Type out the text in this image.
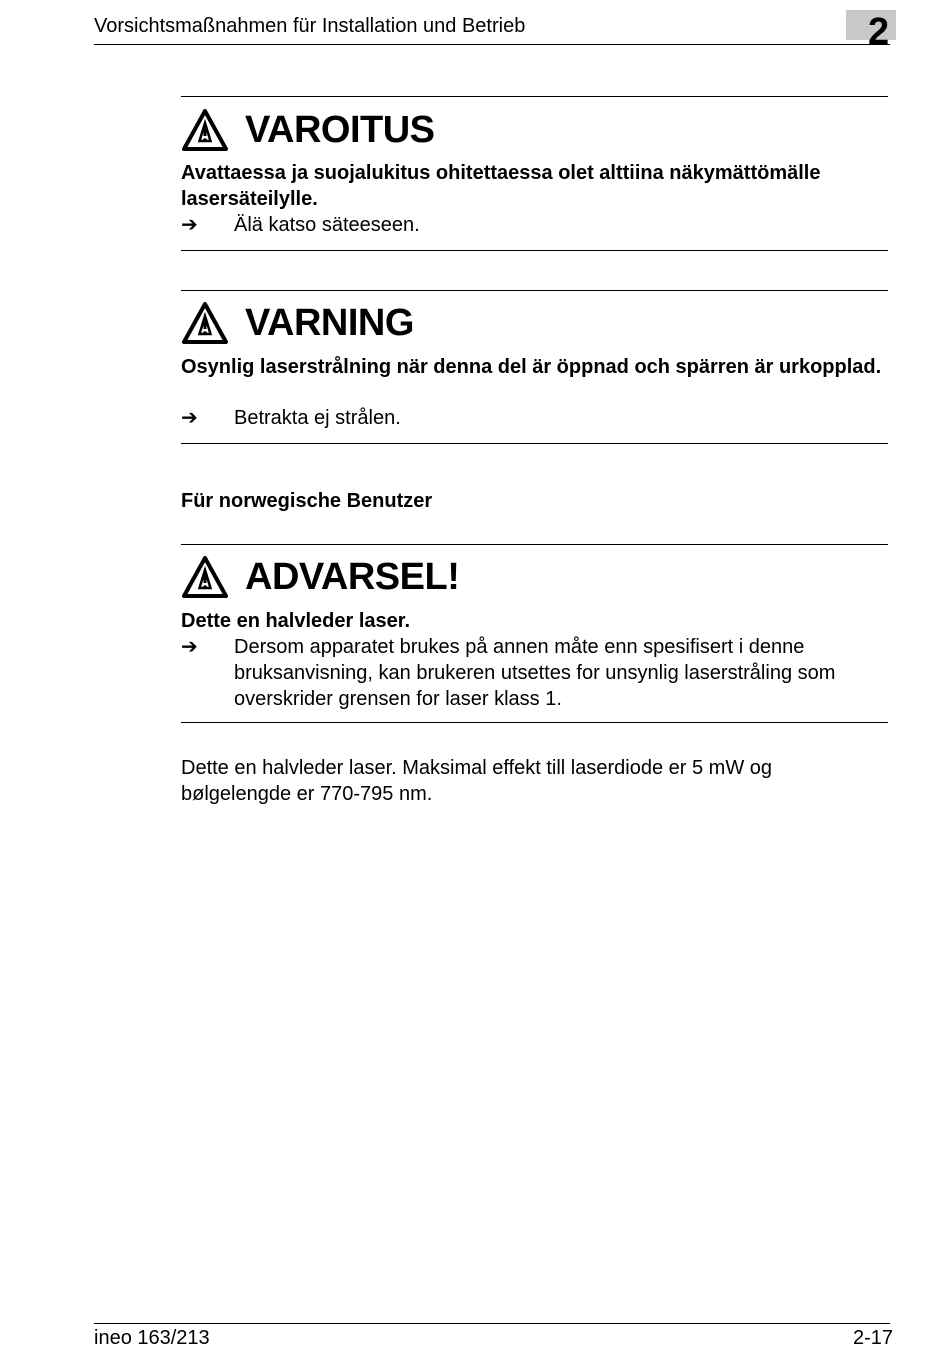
Vorsichtsmaßnahmen für Installation und Betrieb	2
VAROITUS
Avattaessa ja suojalukitus ohitettaessa olet alttiina näkymättömälle lasersäteilylle.
➔	Älä katso säteeseen.
VARNING
Osynlig laserstrålning när denna del är öppnad och spärren är urkopplad.
➔	Betrakta ej strålen.
Für norwegische Benutzer
ADVARSEL!
Dette en halvleder laser.
➔	Dersom apparatet brukes på annen måte enn spesifisert i denne bruksanvisning, kan brukeren utsettes for unsynlig laserstråling som overskrider grensen for laser klass 1.
Dette en halvleder laser. Maksimal effekt till laserdiode er 5 mW og bølgelengde er 770-795 nm.
ineo 163/213	2-17
